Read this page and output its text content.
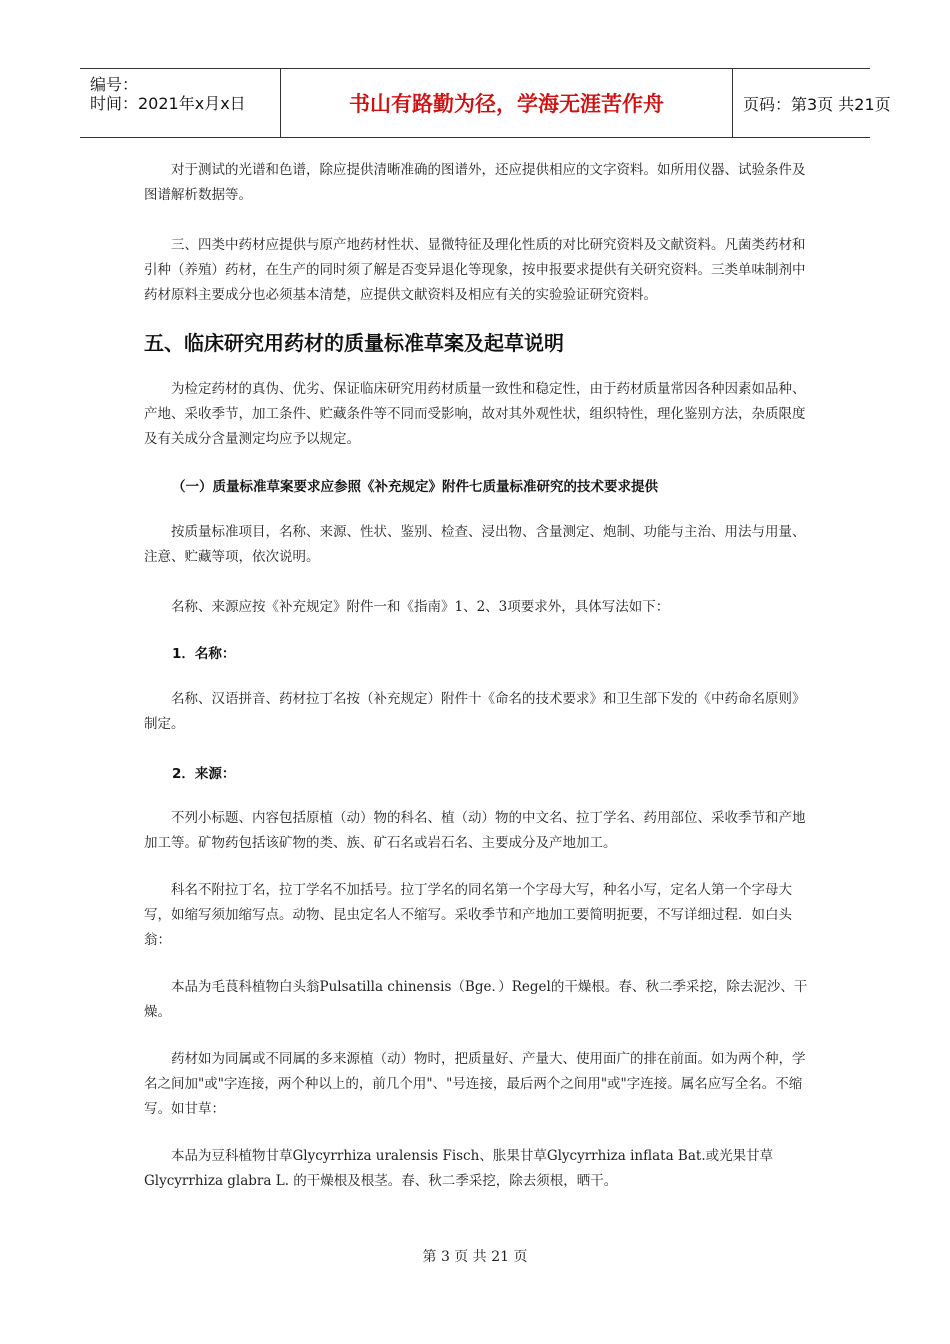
编号：
时间：2021年x月x日	书山有路勤为径，学海无涯苦作舟	页码：第3页 共21页

对于测试的光谱和色谱，除应提供清晰准确的图谱外，还应提供相应的文字资料。如所用仪器、试验条件及图谱解析数据等。

三、四类中药材应提供与原产地药材性状、显微特征及理化性质的对比研究资料及文献资料。凡菌类药材和引种（养殖）药材，在生产的同时须了解是否变异退化等现象，按申报要求提供有关研究资料。三类单味制剂中药材原料主要成分也必须基本清楚，应提供文献资料及相应有关的实验验证研究资料。

五、临床研究用药材的质量标准草案及起草说明

为检定药材的真伪、优劣、保证临床研究用药材质量一致性和稳定性，由于药材质量常因各种因素如品种、产地、采收季节，加工条件、贮藏条件等不同而受影响，故对其外观性状，组织特性，理化鉴别方法，杂质限度及有关成分含量测定均应予以规定。

（一）质量标准草案要求应参照《补充规定》附件七质量标准研究的技术要求提供

按质量标准项目，名称、来源、性状、鉴别、检查、浸出物、含量测定、炮制、功能与主治、用法与用量、注意、贮藏等项，依次说明。

名称、来源应按《补充规定》附件一和《指南》1、2、3项要求外，具体写法如下：

1．名称：

名称、汉语拼音、药材拉丁名按（补充规定）附件十《命名的技术要求》和卫生部下发的《中药命名原则》制定。

2．来源：

不列小标题、内容包括原植（动）物的科名、植（动）物的中文名、拉丁学名、药用部位、采收季节和产地加工等。矿物药包括该矿物的类、族、矿石名或岩石名、主要成分及产地加工。

科名不附拉丁名，拉丁学名不加括号。拉丁学名的同名第一个字母大写，种名小写，定名人第一个字母大写，如缩写须加缩写点。动物、昆虫定名人不缩写。采收季节和产地加工要简明扼要，不写详细过程．如白头翁：

本品为毛茛科植物白头翁Pulsatilla chinensis（Bge．）Regel的干燥根。春、秋二季采挖，除去泥沙、干燥。

药材如为同属或不同属的多来源植（动）物时，把质量好、产量大、使用面广的排在前面。如为两个种，学名之间加"或"字连接，两个种以上的，前几个用"、"号连接，最后两个之间用"或"字连接。属名应写全名。不缩写。如甘草：

本品为豆科植物甘草Glycyrrhiza uralensis Fisch、胀果甘草Glycyrrhiza inflata Bat.或光果甘草Glycyrrhiza glabra L. 的干燥根及根茎。春、秋二季采挖，除去须根，晒干。

第 3 页 共 21 页
